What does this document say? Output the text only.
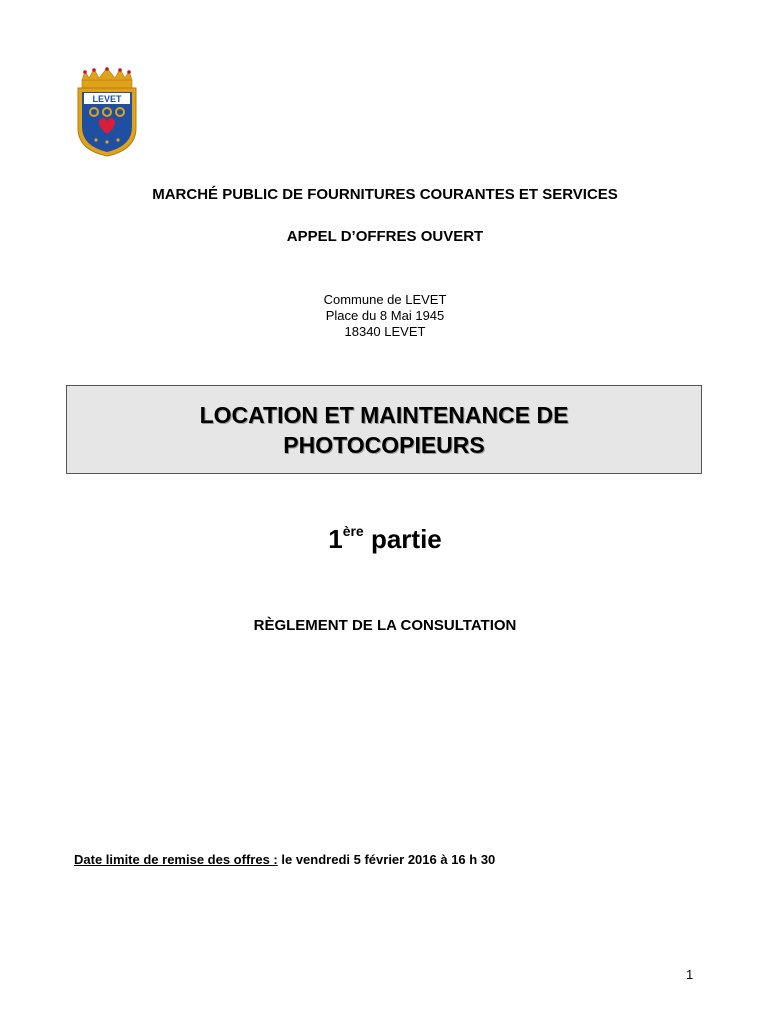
LEVET
MARCHÉ PUBLIC DE FOURNITURES COURANTES ET SERVICES
APPEL D’OFFRES OUVERT
Commune de LEVET
Place du 8 Mai 1945
18340 LEVET
LOCATION ET MAINTENANCE DE
PHOTOCOPIEURS
1ère partie
RÈGLEMENT DE LA CONSULTATION
Date limite de remise des offres : le vendredi 5 février 2016 à 16 h 30
1
